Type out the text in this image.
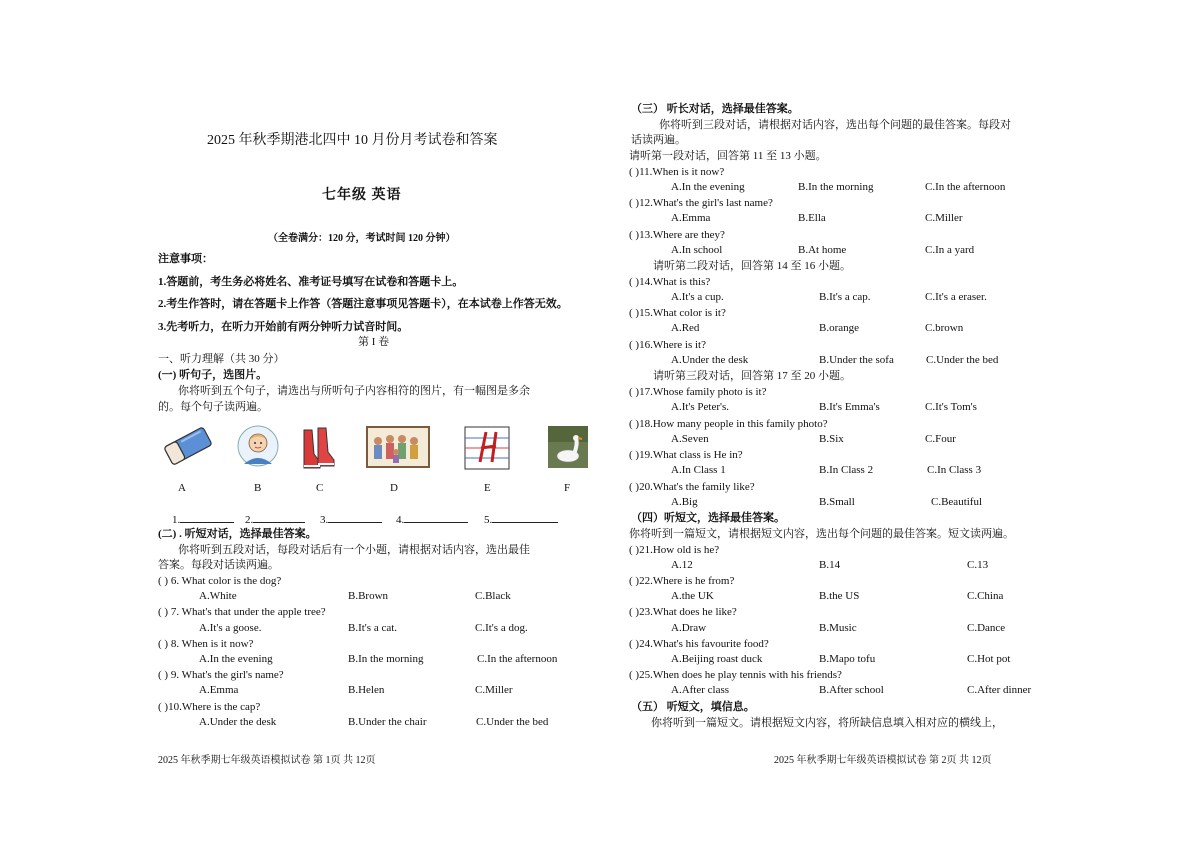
2025 年秋季期港北四中 10 月份月考试卷和答案
七年级 英语
（全卷满分：120 分，考试时间 120 分钟）
注意事项：
1.答题前，考生务必将姓名、准考证号填写在试卷和答题卡上。
2.考生作答时，请在答题卡上作答（答题注意事项见答题卡），在本试卷上作答无效。
3.先考听力，在听力开始前有两分钟听力试音时间。
第 I 卷
一、听力理解（共 30 分）
(一) 听句子，选图片。
你将听到五个句子，请选出与所听句子内容相符的图片，有一幅图是多余
的。每个句子读两遍。
A	B	C	D	E	F
1.	2.	3.	4.	5.
(二) . 听短对话，选择最佳答案。
你将听到五段对话，每段对话后有一个小题，请根据对话内容，选出最佳
答案。每段对话读两遍。
( ) 6. What color is the dog?
A.White	B.Brown	C.Black
( ) 7. What's that under the apple tree?
A.It's a goose.	B.It's a cat.	C.It's a dog.
( ) 8. When is it now?
A.In the evening	B.In the morning	C.In the afternoon
( ) 9. What's the girl's name?
A.Emma	B.Helen	C.Miller
( )10.Where is the cap?
A.Under the desk	B.Under the chair	C.Under the bed
2025 年秋季期七年级英语模拟试卷 第 1页 共 12页
（三） 听长对话，选择最佳答案。
你将听到三段对话，请根据对话内容，选出每个问题的最佳答案。每段对
话读两遍。
请听第一段对话，回答第 11 至 13 小题。
( )11.When is it now?
A.In the evening	B.In the morning	C.In the afternoon
( )12.What's the girl's last name?
A.Emma	B.Ella	C.Miller
( )13.Where are they?
A.In school	B.At home	C.In a yard
请听第二段对话，回答第 14 至 16 小题。
( )14.What is this?
A.It's a cup.	B.It's a cap.	C.It's a eraser.
( )15.What color is it?
A.Red	B.orange	C.brown
( )16.Where is it?
A.Under the desk	B.Under the sofa	C.Under the bed
请听第三段对话，回答第 17 至 20 小题。
( )17.Whose family photo is it?
A.It's Peter's.	B.It's Emma's	C.It's Tom's
( )18.How many people in this family photo?
A.Seven	B.Six	C.Four
( )19.What class is He in?
A.In Class 1	B.In Class 2	C.In Class 3
( )20.What's the family like?
A.Big	B.Small	C.Beautiful
（四）听短文，选择最佳答案。
你将听到一篇短文，请根据短文内容，选出每个问题的最佳答案。短文读两遍。
( )21.How old is he?
A.12	B.14	C.13
( )22.Where is he from?
A.the UK	B.the US	C.China
( )23.What does he like?
A.Draw	B.Music	C.Dance
( )24.What's his favourite food?
A.Beijing roast duck	B.Mapo tofu	C.Hot pot
( )25.When does he play tennis with his friends?
A.After class	B.After school	C.After dinner
（五） 听短文，填信息。
你将听到一篇短文。请根据短文内容，将所缺信息填入相对应的横线上，
2025 年秋季期七年级英语模拟试卷 第 2页 共 12页
